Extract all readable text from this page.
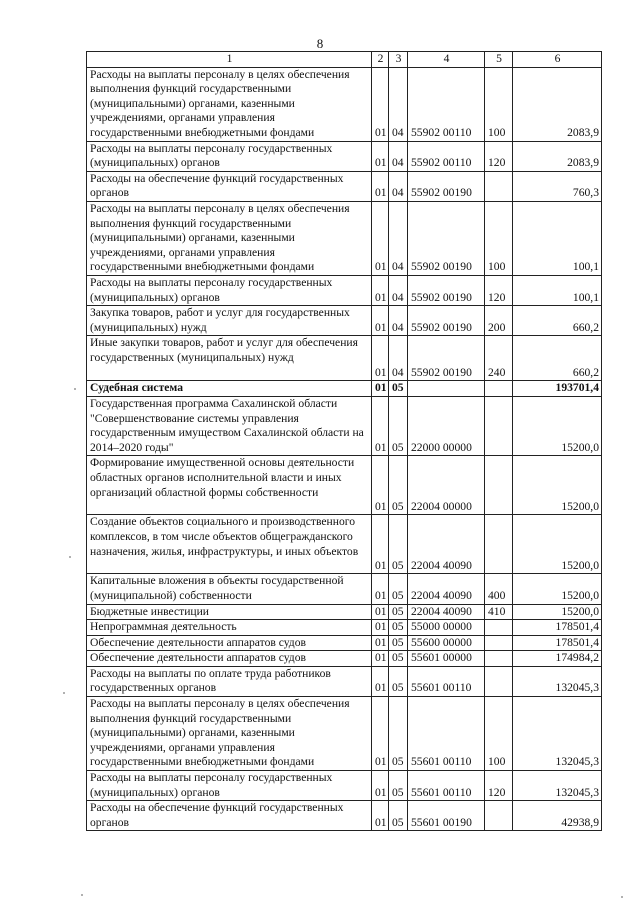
8
1	2	3	4	5	6
Расходы на выплаты персоналу в целях обеспечения выполнения функций государственными (муниципальными) органами, казенными учреждениями, органами управления государственными внебюджетными фондами	01	04	55902 00110	100	2083,9
Расходы на выплаты персоналу государственных (муниципальных) органов	01	04	55902 00110	120	2083,9
Расходы на обеспечение функций государственных органов	01	04	55902 00190		760,3
Расходы на выплаты персоналу в целях обеспечения выполнения функций государственными (муниципальными) органами, казенными учреждениями, органами управления государственными внебюджетными фондами	01	04	55902 00190	100	100,1
Расходы на выплаты персоналу государственных (муниципальных) органов	01	04	55902 00190	120	100,1
Закупка товаров, работ и услуг для государственных (муниципальных) нужд	01	04	55902 00190	200	660,2
Иные закупки товаров, работ и услуг для обеспечения государственных (муниципальных) нужд	01	04	55902 00190	240	660,2
Судебная система	01	05			193701,4
Государственная программа Сахалинской области "Совершенствование системы управления государственным имуществом Сахалинской области на 2014–2020 годы"	01	05	22000 00000		15200,0
Формирование имущественной основы деятельности областных органов исполнительной власти и иных организаций областной формы собственности	01	05	22004 00000		15200,0
Создание объектов социального и производственного комплексов, в том числе объектов общегражданского назначения, жилья, инфраструктуры, и иных объектов	01	05	22004 40090		15200,0
Капитальные вложения в объекты государственной (муниципальной) собственности	01	05	22004 40090	400	15200,0
Бюджетные инвестиции	01	05	22004 40090	410	15200,0
Непрограммная деятельность	01	05	55000 00000		178501,4
Обеспечение деятельности аппаратов судов	01	05	55600 00000		178501,4
Обеспечение деятельности аппаратов судов	01	05	55601 00000		174984,2
Расходы на выплаты по оплате труда работников государственных органов	01	05	55601 00110		132045,3
Расходы на выплаты персоналу в целях обеспечения выполнения функций государственными (муниципальными) органами, казенными учреждениями, органами управления государственными внебюджетными фондами	01	05	55601 00110	100	132045,3
Расходы на выплаты персоналу государственных (муниципальных) органов	01	05	55601 00110	120	132045,3
Расходы на обеспечение функций государственных органов	01	05	55601 00190		42938,9
